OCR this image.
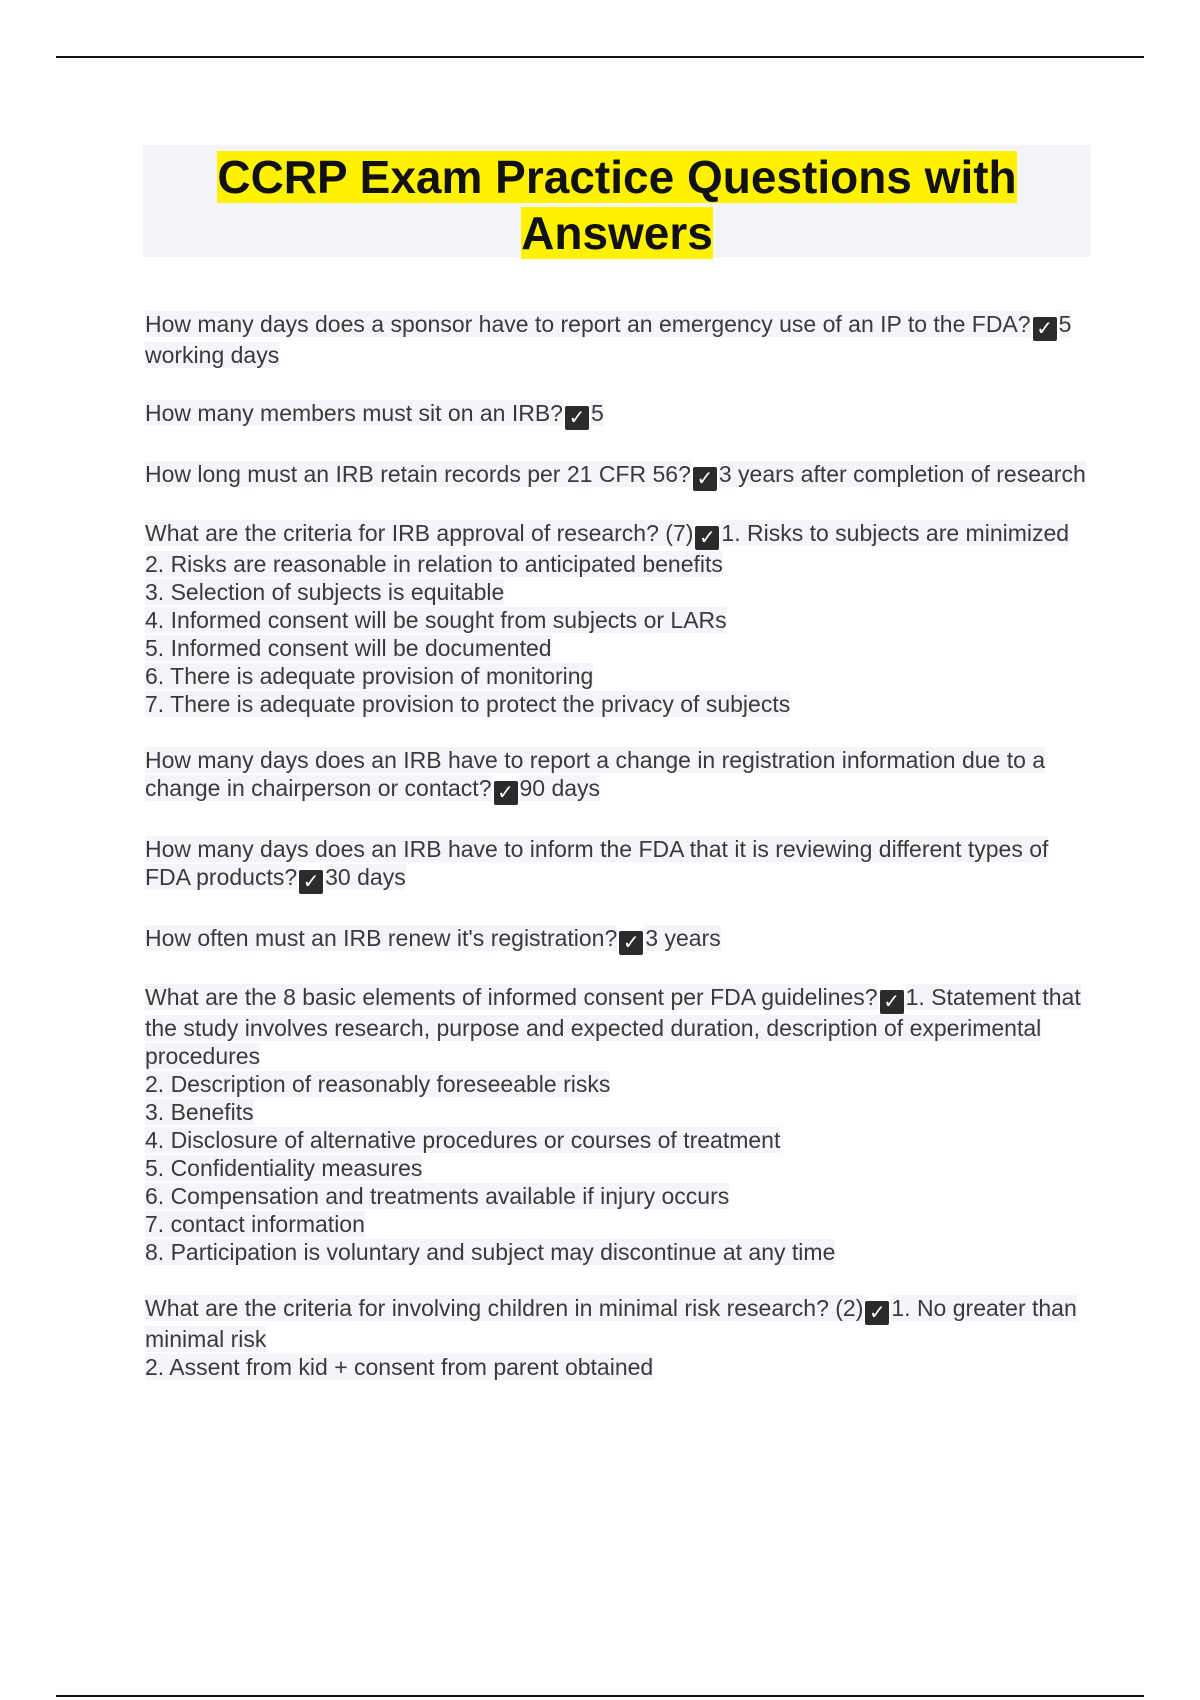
CCRP Exam Practice Questions with
Answers

How many days does a sponsor have to report an emergency use of an IP to the FDA? ✓ 5 working days

How many members must sit on an IRB? ✓ 5

How long must an IRB retain records per 21 CFR 56? ✓ 3 years after completion of research

What are the criteria for IRB approval of research? (7) ✓ 1. Risks to subjects are minimized
2. Risks are reasonable in relation to anticipated benefits
3. Selection of subjects is equitable
4. Informed consent will be sought from subjects or LARs
5. Informed consent will be documented
6. There is adequate provision of monitoring
7. There is adequate provision to protect the privacy of subjects

How many days does an IRB have to report a change in registration information due to a change in chairperson or contact? ✓ 90 days

How many days does an IRB have to inform the FDA that it is reviewing different types of FDA products? ✓ 30 days

How often must an IRB renew it's registration? ✓ 3 years

What are the 8 basic elements of informed consent per FDA guidelines? ✓ 1. Statement that the study involves research, purpose and expected duration, description of experimental procedures
2. Description of reasonably foreseeable risks
3. Benefits
4. Disclosure of alternative procedures or courses of treatment
5. Confidentiality measures
6. Compensation and treatments available if injury occurs
7. contact information
8. Participation is voluntary and subject may discontinue at any time

What are the criteria for involving children in minimal risk research? (2) ✓ 1. No greater than minimal risk
2. Assent from kid + consent from parent obtained
